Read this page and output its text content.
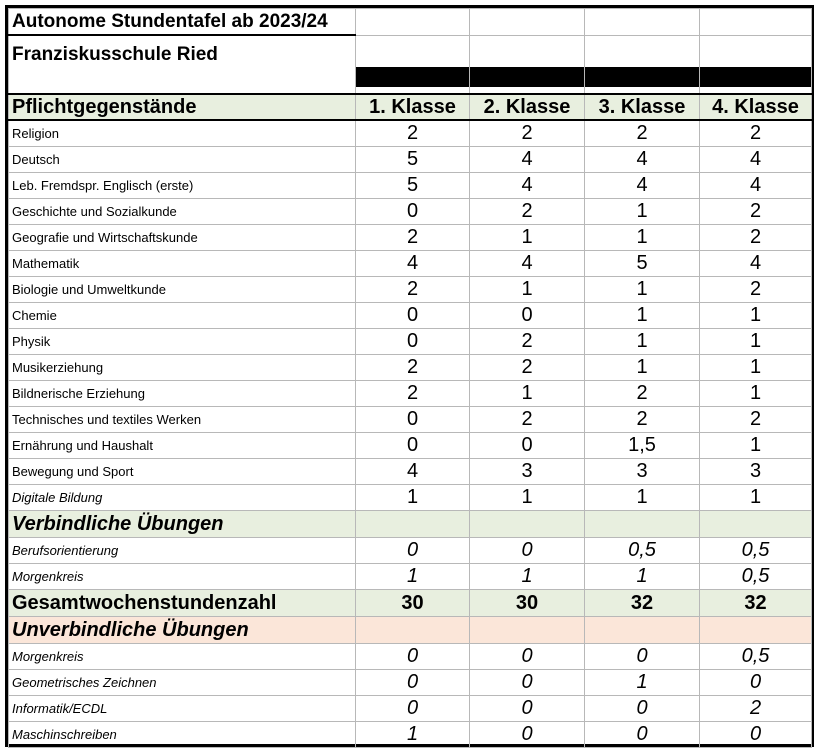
Autonome Stundentafel ab 2023/24				
Franziskusschule Ried	

Pflichtgegenstände	1. Klasse	2. Klasse	3. Klasse	4. Klasse
Religion	2	2	2	2
Deutsch	5	4	4	4
Leb. Fremdspr. Englisch (erste)	5	4	4	4
Geschichte und Sozialkunde	0	2	1	2
Geografie und Wirtschaftskunde	2	1	1	2
Mathematik	4	4	5	4
Biologie und Umweltkunde	2	1	1	2
Chemie	0	0	1	1
Physik	0	2	1	1
Musikerziehung	2	2	1	1
Bildnerische Erziehung	2	1	2	1
Technisches und textiles Werken	0	2	2	2
Ernährung und Haushalt	0	0	1,5	1
Bewegung und Sport	4	3	3	3
Digitale Bildung	1	1	1	1
Verbindliche Übungen				
Berufsorientierung	0	0	0,5	0,5
Morgenkreis	1	1	1	0,5
Gesamtwochenstundenzahl	30	30	32	32
Unverbindliche Übungen				
Morgenkreis	0	0	0	0,5
Geometrisches Zeichnen	0	0	1	0
Informatik/ECDL	0	0	0	2
Maschinschreiben	1	0	0	0
